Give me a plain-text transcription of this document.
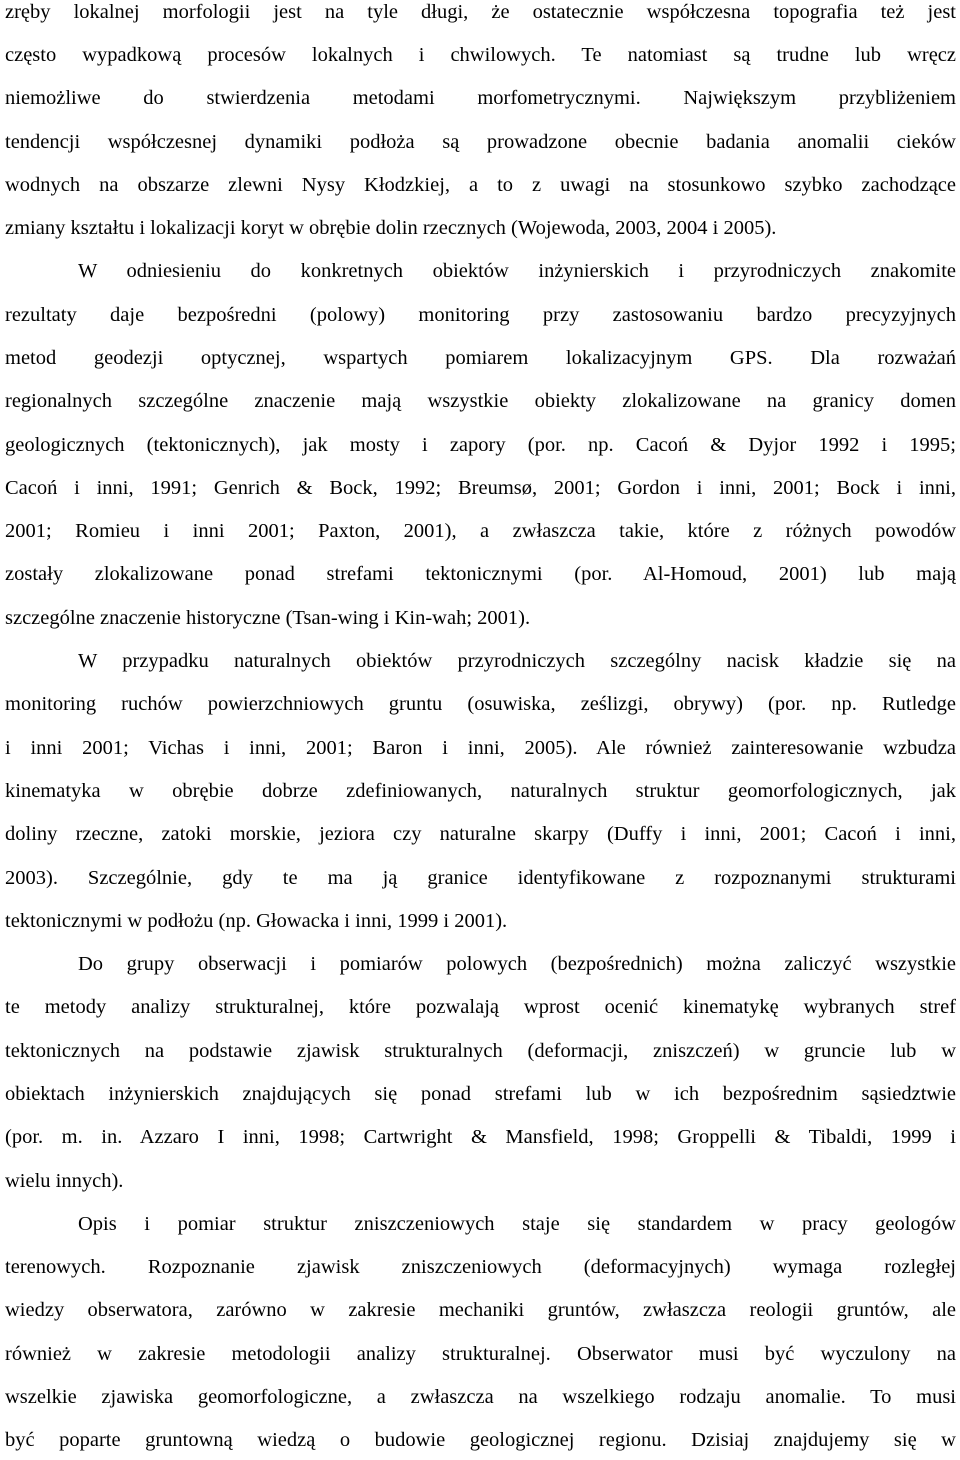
zręby lokalnej morfologii jest na tyle długi, że ostatecznie współczesna topografia też jest
często wypadkową procesów lokalnych i chwilowych. Te natomiast są trudne lub wręcz
niemożliwe do stwierdzenia metodami morfometrycznymi. Największym przybliżeniem
tendencji współczesnej dynamiki podłoża są prowadzone obecnie badania anomalii cieków
wodnych na obszarze zlewni Nysy Kłodzkiej, a to z uwagi na stosunkowo szybko zachodzące
zmiany kształtu i lokalizacji koryt w obrębie dolin rzecznych (Wojewoda, 2003, 2004 i 2005).
W odniesieniu do konkretnych obiektów inżynierskich i przyrodniczych znakomite
rezultaty daje bezpośredni (polowy) monitoring przy zastosowaniu bardzo precyzyjnych
metod geodezji optycznej, wspartych pomiarem lokalizacyjnym GPS. Dla rozważań
regionalnych szczególne znaczenie mają wszystkie obiekty zlokalizowane na granicy domen
geologicznych (tektonicznych), jak mosty i zapory (por. np. Cacoń & Dyjor 1992 i 1995;
Cacoń i inni, 1991; Genrich & Bock, 1992; Breumsø, 2001; Gordon i inni, 2001; Bock i inni,
2001; Romieu i inni 2001; Paxton, 2001), a zwłaszcza takie, które z różnych powodów
zostały zlokalizowane ponad strefami tektonicznymi (por. Al-Homoud, 2001) lub mają
szczególne znaczenie historyczne (Tsan-wing i Kin-wah; 2001).
W przypadku naturalnych obiektów przyrodniczych szczególny nacisk kładzie się na
monitoring ruchów powierzchniowych gruntu (osuwiska, ześlizgi, obrywy) (por. np. Rutledge
i inni 2001; Vichas i inni, 2001; Baron i inni, 2005). Ale również zainteresowanie wzbudza
kinematyka w obrębie dobrze zdefiniowanych, naturalnych struktur geomorfologicznych, jak
doliny rzeczne, zatoki morskie, jeziora czy naturalne skarpy (Duffy i inni, 2001; Cacoń i inni,
2003). Szczególnie, gdy te ma ją granice identyfikowane z rozpoznanymi strukturami
tektonicznymi w podłożu (np. Głowacka i inni, 1999 i 2001).
Do grupy obserwacji i pomiarów polowych (bezpośrednich) można zaliczyć wszystkie
te metody analizy strukturalnej, które pozwalają wprost ocenić kinematykę wybranych stref
tektonicznych na podstawie zjawisk strukturalnych (deformacji, zniszczeń) w gruncie lub w
obiektach inżynierskich znajdujących się ponad strefami lub w ich bezpośrednim sąsiedztwie
(por. m. in. Azzaro I inni, 1998; Cartwright & Mansfield, 1998; Groppelli & Tibaldi, 1999 i
wielu innych).
Opis i pomiar struktur zniszczeniowych staje się standardem w pracy geologów
terenowych. Rozpoznanie zjawisk zniszczeniowych (deformacyjnych) wymaga rozległej
wiedzy obserwatora, zarówno w zakresie mechaniki gruntów, zwłaszcza reologii gruntów, ale
również w zakresie metodologii analizy strukturalnej. Obserwator musi być wyczulony na
wszelkie zjawiska geomorfologiczne, a zwłaszcza na wszelkiego rodzaju anomalie. To musi
być poparte gruntowną wiedzą o budowie geologicznej regionu. Dzisiaj znajdujemy się w
